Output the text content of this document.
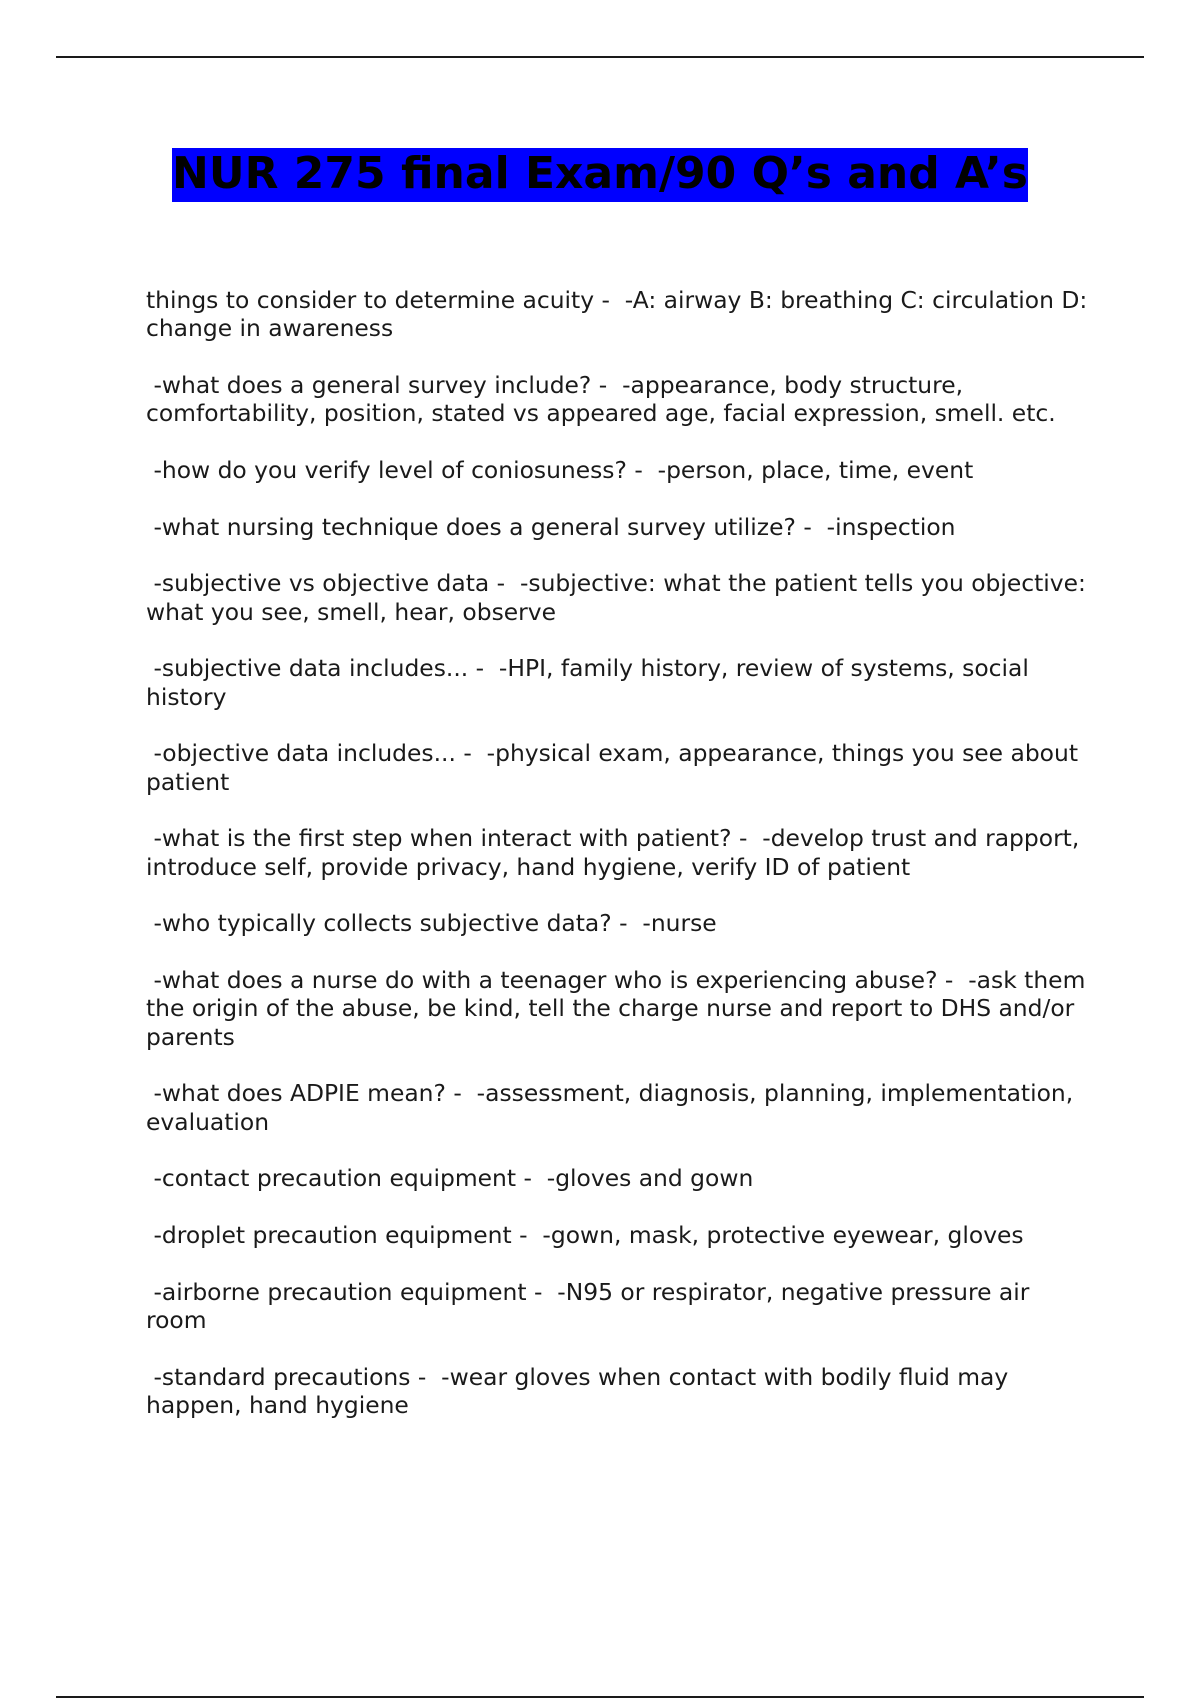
NUR 275 final Exam/90 Q’s and A’s

things to consider to determine acuity -  -A: airway B: breathing C: circulation D: change in awareness

-what does a general survey include? -  -appearance, body structure, comfortability, position, stated vs appeared age, facial expression, smell. etc.

-how do you verify level of coniosuness? -  -person, place, time, event

-what nursing technique does a general survey utilize? -  -inspection

-subjective vs objective data -  -subjective: what the patient tells you objective: what you see, smell, hear, observe

-subjective data includes... -  -HPI, family history, review of systems, social history

-objective data includes... -  -physical exam, appearance, things you see about patient

-what is the first step when interact with patient? -  -develop trust and rapport, introduce self, provide privacy, hand hygiene, verify ID of patient

-who typically collects subjective data? -  -nurse

-what does a nurse do with a teenager who is experiencing abuse? -  -ask them the origin of the abuse, be kind, tell the charge nurse and report to DHS and/or parents

-what does ADPIE mean? -  -assessment, diagnosis, planning, implementation, evaluation

-contact precaution equipment -  -gloves and gown

-droplet precaution equipment -  -gown, mask, protective eyewear, gloves

-airborne precaution equipment -  -N95 or respirator, negative pressure air room

-standard precautions -  -wear gloves when contact with bodily fluid may happen, hand hygiene
